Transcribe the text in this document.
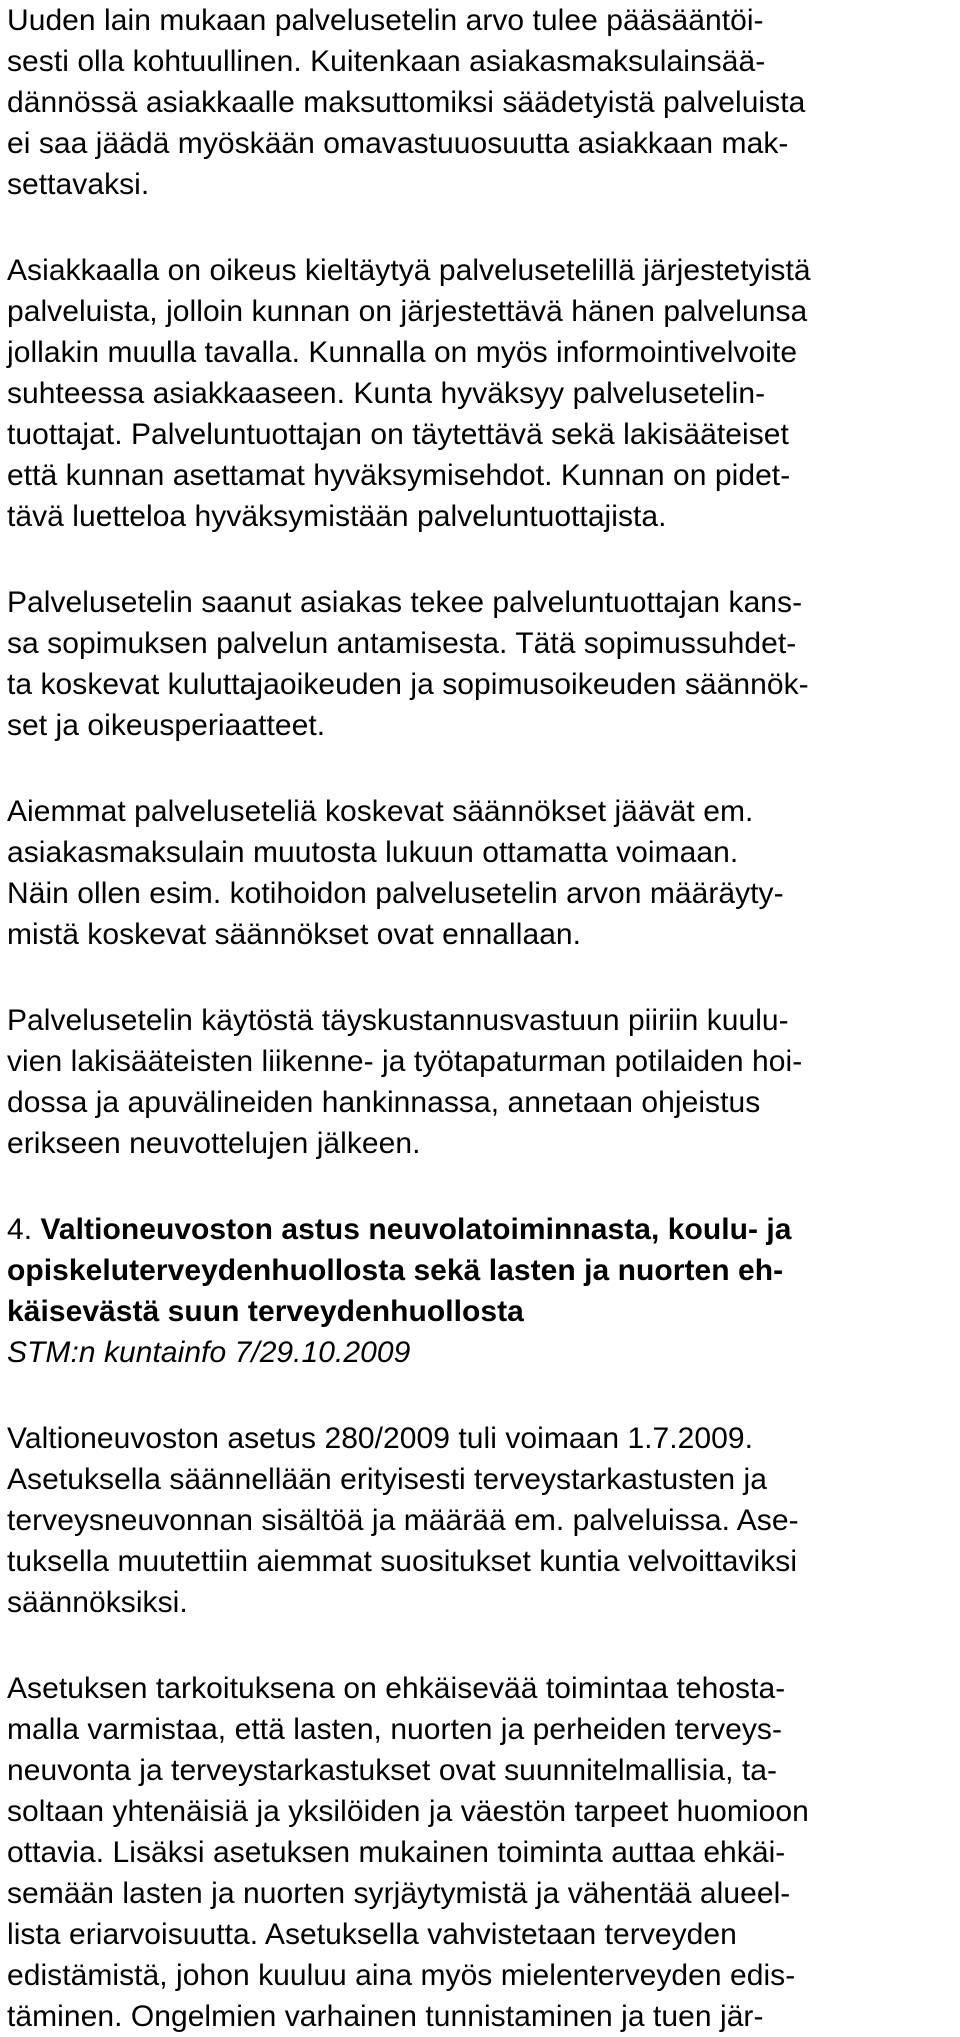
Uuden lain mukaan palvelusetelin arvo tulee pääsääntöi-
sesti olla kohtuullinen. Kuitenkaan asiakasmaksulainsää-
dännössä asiakkaalle maksuttomiksi säädetyistä palveluista
ei saa jäädä myöskään omavastuuosuutta asiakkaan mak-
settavaksi.
Asiakkaalla on oikeus kieltäytyä palvelusetelillä järjestetyistä
palveluista, jolloin kunnan on järjestettävä hänen palvelunsa
jollakin muulla tavalla. Kunnalla on myös informointivelvoite
suhteessa asiakkaaseen. Kunta hyväksyy palvelusetelin-
tuottajat. Palveluntuottajan on täytettävä sekä lakisääteiset
että kunnan asettamat hyväksymisehdot. Kunnan on pidet-
tävä luetteloa hyväksymistään palveluntuottajista.
Palvelusetelin saanut asiakas tekee palveluntuottajan kans-
sa sopimuksen palvelun antamisesta. Tätä sopimussuhdet-
ta koskevat kuluttajaoikeuden ja sopimusoikeuden säännök-
set ja oikeusperiaatteet.
Aiemmat palveluseteliä koskevat säännökset jäävät em.
asiakasmaksulain muutosta lukuun ottamatta voimaan.
Näin ollen esim. kotihoidon palvelusetelin arvon määräyty-
mistä koskevat säännökset ovat ennallaan.
Palvelusetelin käytöstä täyskustannusvastuun piiriin kuulu-
vien lakisääteisten liikenne- ja työtapaturman potilaiden hoi-
dossa ja apuvälineiden hankinnassa, annetaan ohjeistus
erikseen neuvottelujen jälkeen.
4. Valtioneuvoston astus neuvolatoiminnasta, koulu- ja
opiskeluterveydenhuollosta sekä lasten ja nuorten eh-
käisevästä suun terveydenhuollosta
STM:n kuntainfo 7/29.10.2009
Valtioneuvoston asetus 280/2009 tuli voimaan 1.7.2009.
Asetuksella säännellään erityisesti terveystarkastusten ja
terveysneuvonnan sisältöä ja määrää em. palveluissa. Ase-
tuksella muutettiin aiemmat suositukset kuntia velvoittaviksi
säännöksiksi.
Asetuksen tarkoituksena on ehkäisevää toimintaa tehosta-
malla varmistaa, että lasten, nuorten ja perheiden terveys-
neuvonta ja terveystarkastukset ovat suunnitelmallisia, ta-
soltaan yhtenäisiä ja yksilöiden ja väestön tarpeet huomioon
ottavia. Lisäksi asetuksen mukainen toiminta auttaa ehkäi-
semään lasten ja nuorten syrjäytymistä ja vähentää alueel-
lista eriarvoisuutta. Asetuksella vahvistetaan terveyden
edistämistä, johon kuuluu aina myös mielenterveyden edis-
täminen. Ongelmien varhainen tunnistaminen ja tuen jär-
